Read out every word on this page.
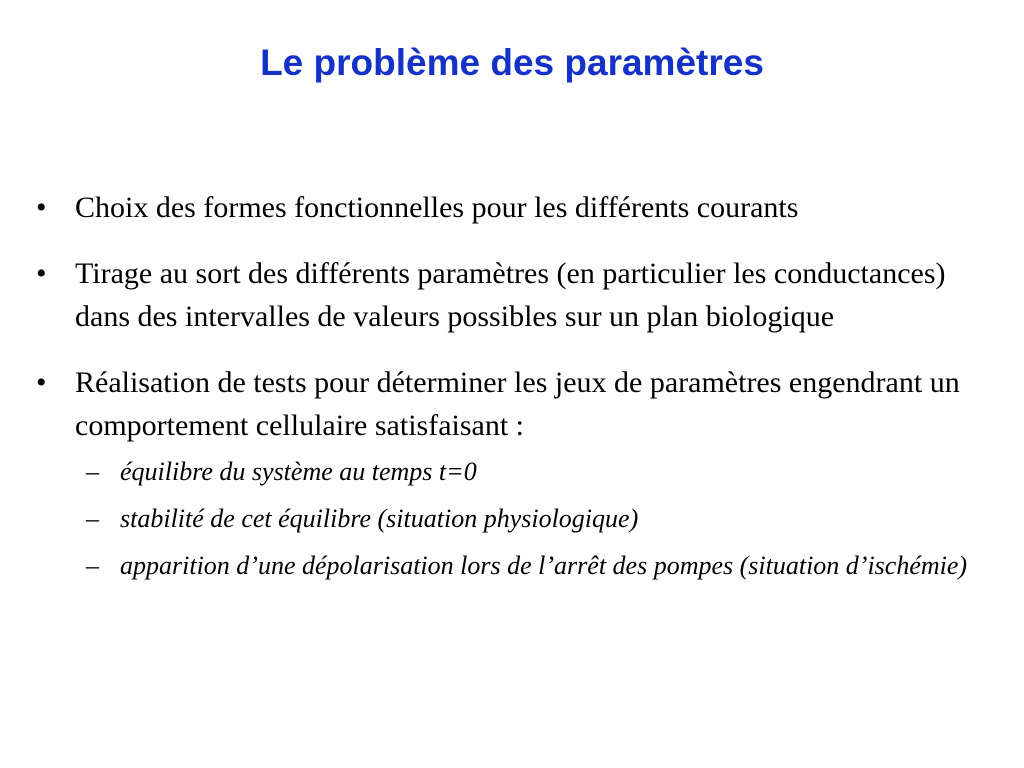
Le problème des paramètres
• Choix des formes fonctionnelles pour les différents courants
• Tirage au sort des différents paramètres (en particulier les conductances) dans des intervalles de valeurs possibles sur un plan biologique
• Réalisation de tests pour déterminer les jeux de paramètres engendrant un comportement cellulaire satisfaisant :
– équilibre du système au temps t=0
– stabilité de cet équilibre (situation physiologique)
– apparition d’une dépolarisation lors de l’arrêt des pompes (situation d’ischémie)
